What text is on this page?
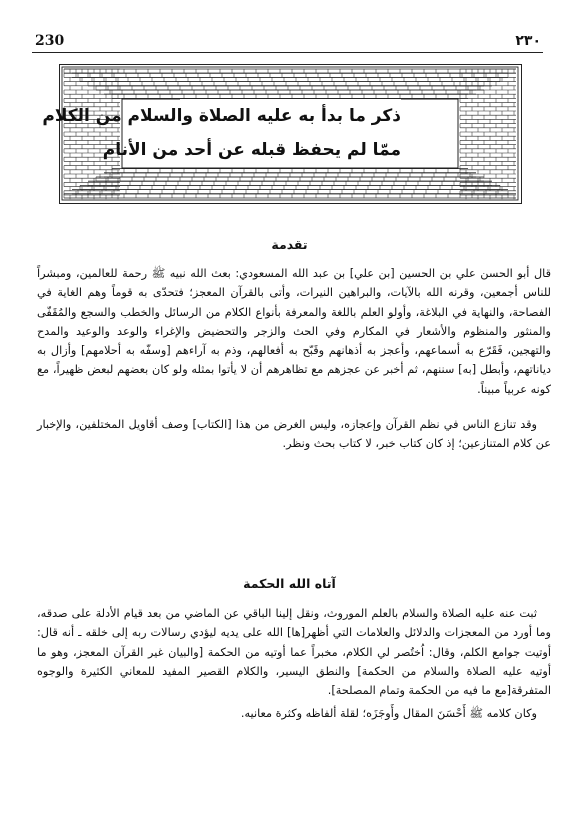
230	٢٣٠
ذكر ما بدأ به عليه الصلاة والسلام من الكلام
ممّا لم يحفظ قبله عن أحد من الأنام
تقدمة

قال أبو الحسن علي بن الحسين [بن علي] بن عبد الله المسعودي: بعث الله نبيه ﷺ رحمة للعالمين، ومبشراً للناس أجمعين، وقرنه الله بالآيات، والبراهين النيرات، وأتى بالقرآن المعجز؛ فتحدّى به قوماً وهم الغاية في الفصاحة، والنهاية في البلاغة، وأولو العلم باللغة والمعرفة بأنواع الكلام من الرسائل والخطب والسجع والمُقَفّى والمنثور والمنظوم والأشعار في المكارم وفي الحث والزجر والتحضيض والإغراء والوعد والوعيد والمدح والتهجين، فَقَرّع به أسماعهم، وأعجز به أذهانهم وقَبّح به أفعالهم، وذم به آراءهم [وسفّه به أحلامهم] وأزال به دياناتهم، وأبطل [به] سننهم، ثم أخبر عن عجزهم مع تظاهرهم أن لا يأتوا بمثله ولو كان بعضهم لبعض ظهيراً، مع كونه عربياً مبيناً.

وقد تنازع الناس في نظم القرآن وإعجازه، وليس الغرض من هذا [الكتاب] وصف أقاويل المختلفين، والإخبار عن كلام المتنازعين؛ إذ كان كتاب خبر، لا كتاب بحث ونظر.

آتاه الله الحكمة

ثبت عنه عليه الصلاة والسلام بالعلم الموروث، ونقل إلينا الباقي عن الماضي من بعد قيام الأدلة على صدقه، وما أورد من المعجزات والدلائل والعلامات التي أظهر[ها] الله على يديه ليؤدي رسالات ربه إلى خلقه ـ أنه قال: أوتيت جوامع الكلم، وقال: اُختُصر لي الكلام، مخبراً عما أوتيه من الحكمة [والبيان غير القرآن المعجز، وهو ما أوتيه عليه الصلاة والسلام من الحكمة] والنطق اليسير، والكلام القصير المفيد للمعاني الكثيرة والوجوه المتفرقة[مع ما فيه من الحكمة وتمام المصلحة].

وكان كلامه ﷺ أَحْسَنَ المقال وأَوجَزَه؛ لقلة ألفاظه وكثرة معانيه.
